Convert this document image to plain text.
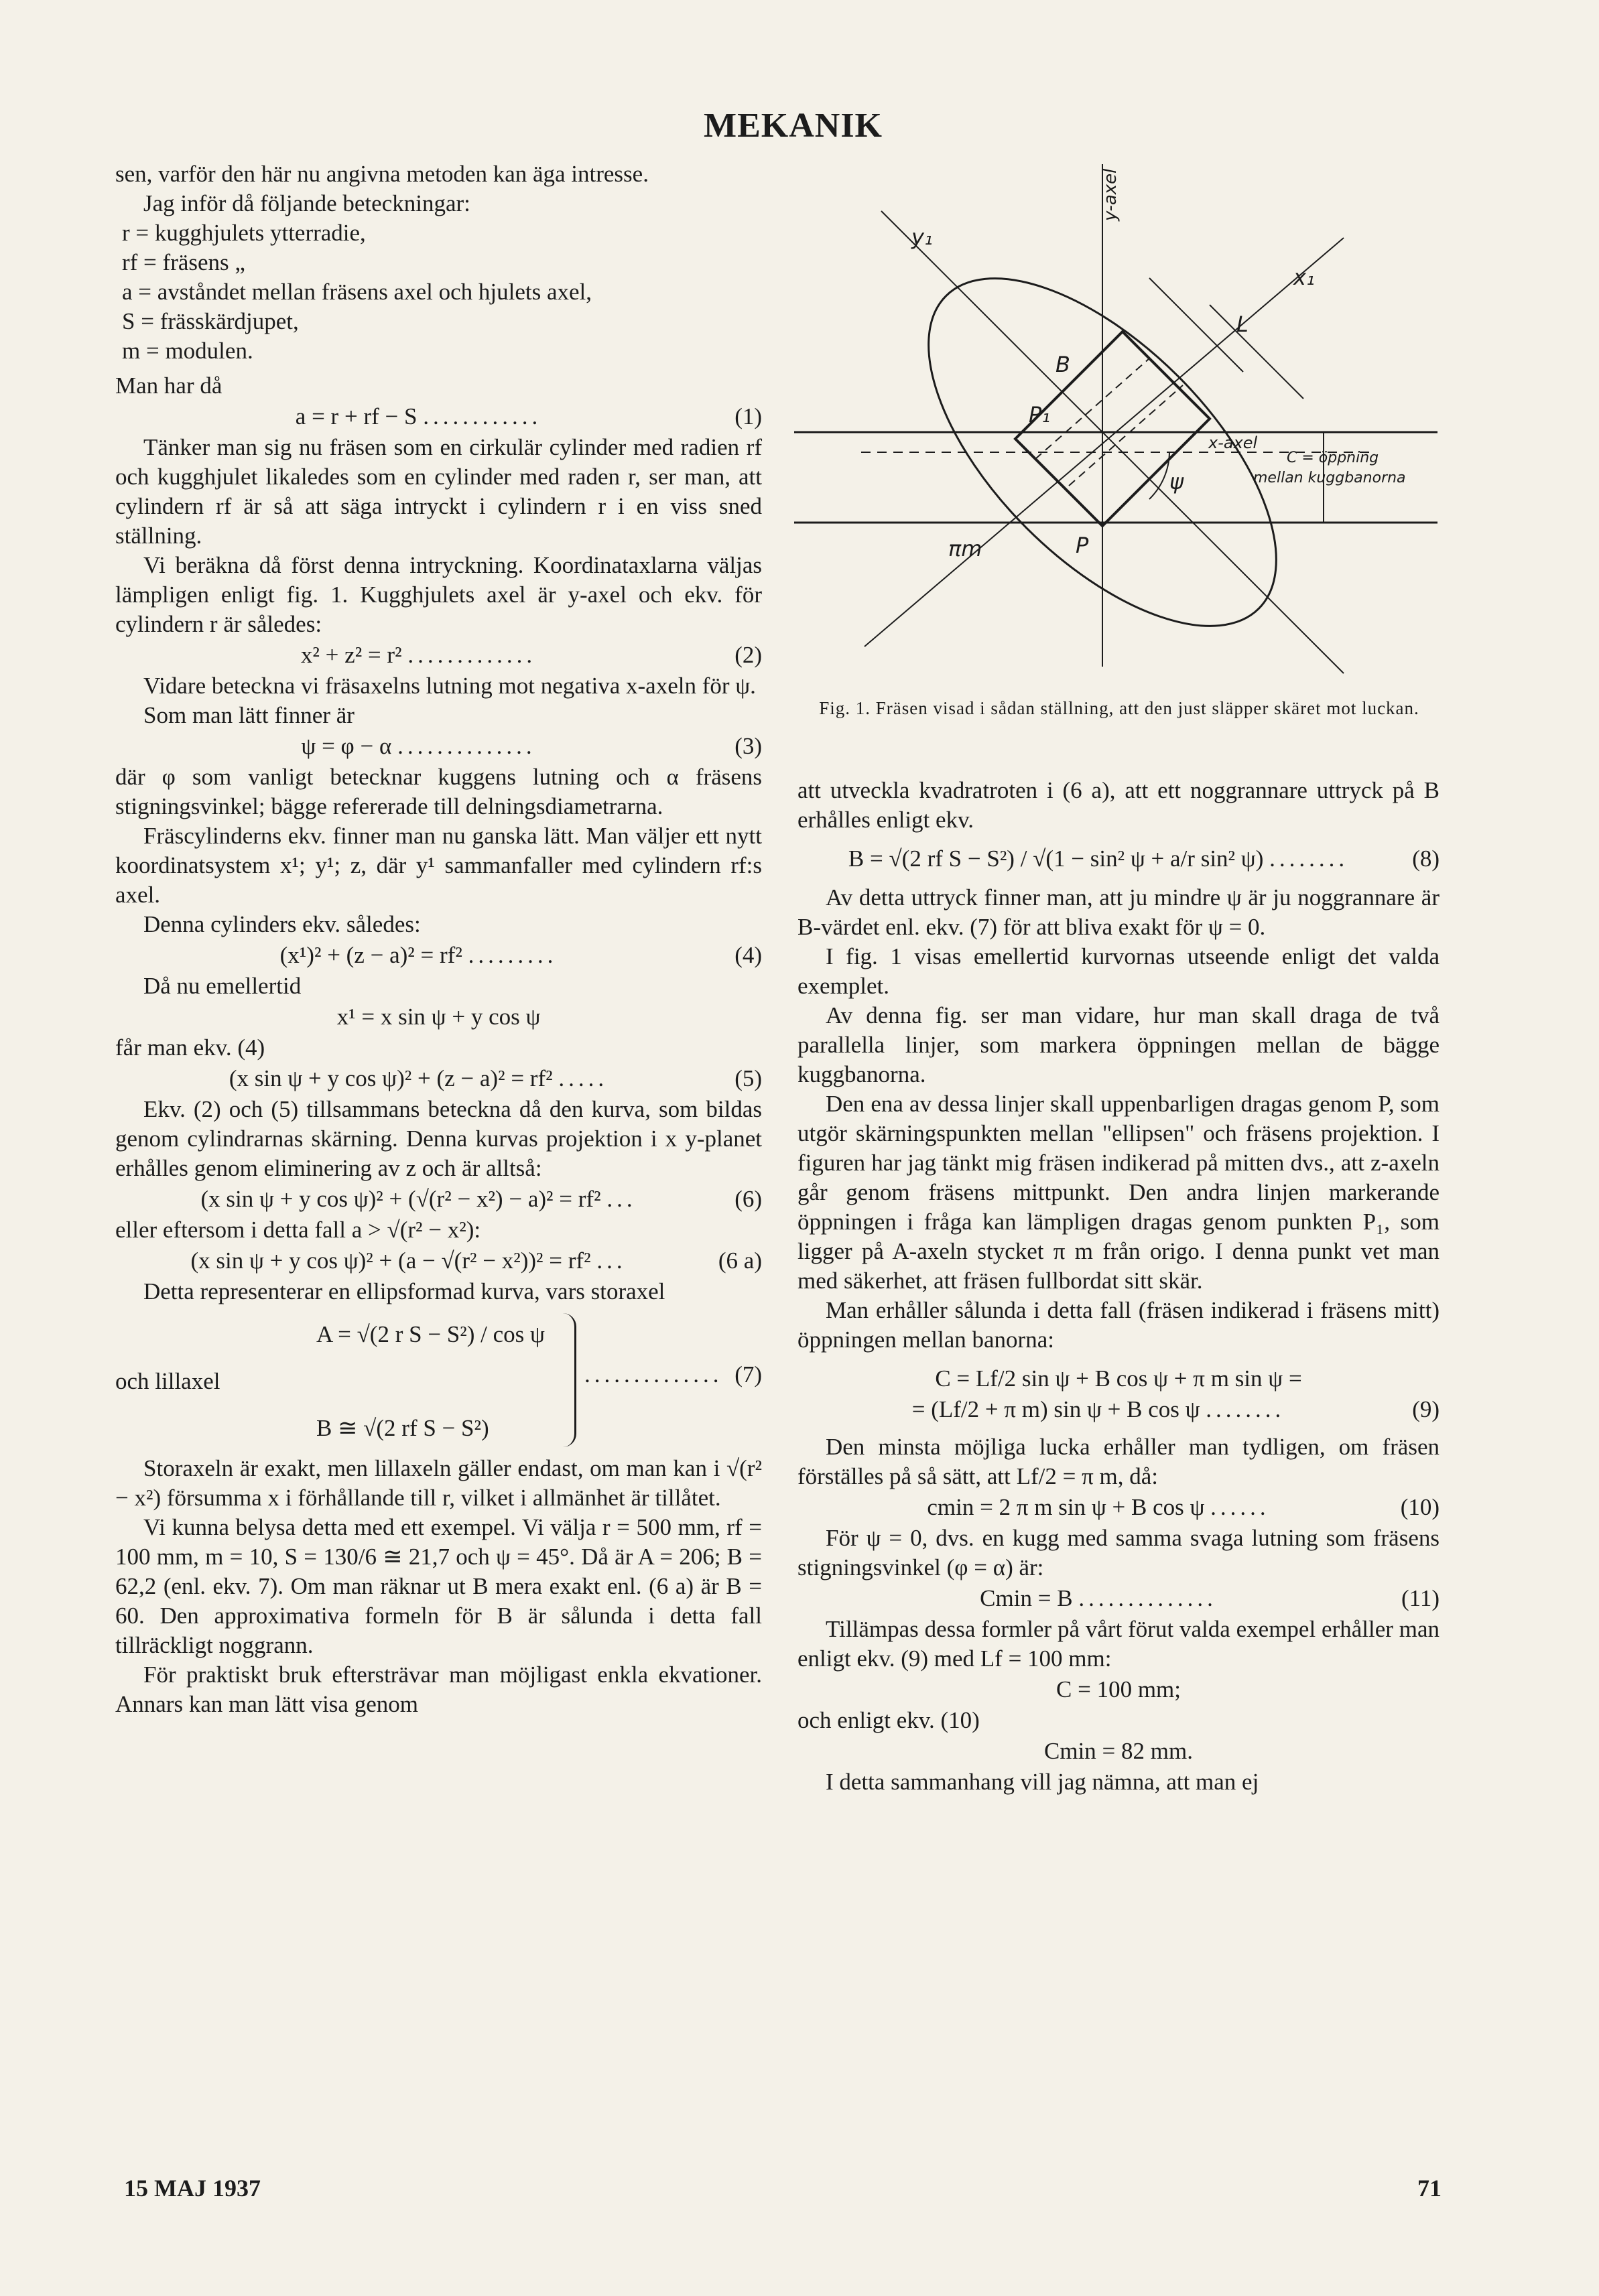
MEKANIK

sen, varför den här nu angivna metoden kan äga intresse.

Jag inför då följande beteckningar:

r = kugghjulets ytterradie,

rf = fräsens „

a = avståndet mellan fräsens axel och hjulets axel,

S = frässkärdjupet,

m = modulen.

Man har då

a = r + rf − S ............	(1)

Tänker man sig nu fräsen som en cirkulär cylinder med radien rf och kugghjulet likaledes som en cylinder med raden r, ser man, att cylindern rf är så att säga intryckt i cylindern r i en viss sned ställning.

Vi beräkna då först denna intryckning. Koordinataxlarna väljas lämpligen enligt fig. 1. Kugghjulets axel är y-axel och ekv. för cylindern r är således:

x² + z² = r² .............	(2)

Vidare beteckna vi fräsaxelns lutning mot negativa x-axeln för ψ.

Som man lätt finner är

ψ = φ − α ..............	(3)

där φ som vanligt betecknar kuggens lutning och α fräsens stigningsvinkel; bägge refererade till delningsdiametrarna.

Fräscylinderns ekv. finner man nu ganska lätt. Man väljer ett nytt koordinatsystem x¹; y¹; z, där y¹ sammanfaller med cylindern rf:s axel.

Denna cylinders ekv. således:

(x¹)² + (z − a)² = rf² .........	(4)

Då nu emellertid

x¹ = x sin ψ + y cos ψ

får man ekv. (4)

(x sin ψ + y cos ψ)² + (z − a)² = rf² .....	(5)

Ekv. (2) och (5) tillsammans beteckna då den kurva, som bildas genom cylindrarnas skärning. Denna kurvas projektion i x y-planet erhålles genom eliminering av z och är alltså:

(x sin ψ + y cos ψ)² + (√(r² − x²) − a)² = rf² ...	(6)

eller eftersom i detta fall a > √(r² − x²):

(x sin ψ + y cos ψ)² + (a − √(r² − x²))² = rf² ...	(6 a)

Detta representerar en ellipsformad kurva, vars storaxel

A = √(2 r S − S²) / cos ψ
och lillaxel
B ≅ √(2 rf S − S²)
.............. (7)

Storaxeln är exakt, men lillaxeln gäller endast, om man kan i √(r² − x²) försumma x i förhållande till r, vilket i allmänhet är tillåtet.

Vi kunna belysa detta med ett exempel. Vi välja r = 500 mm, rf = 100 mm, m = 10, S = 130/6 ≅ 21,7 och ψ = 45°. Då är A = 206; B = 62,2 (enl. ekv. 7). Om man räknar ut B mera exakt enl. (6 a) är B = 60. Den approximativa formeln för B är sålunda i detta fall tillräckligt noggrann.

För praktiskt bruk eftersträvar man möjligast enkla ekvationer. Annars kan man lätt visa genom

y₁
y-axel
x₁
L
B
P₁
x-axel
C = öppning
mellan kuggbanorna
ψ
πm	P
Fig. 1. Fräsen visad i sådan ställning, att den just släpper skäret mot luckan.

att utveckla kvadratroten i (6 a), att ett noggrannare uttryck på B erhålles enligt ekv.

B = √(2 rf S − S²) / √(1 − sin² ψ + a/r sin² ψ) ........	(8)

Av detta uttryck finner man, att ju mindre ψ är ju noggrannare är B-värdet enl. ekv. (7) för att bliva exakt för ψ = 0.

I fig. 1 visas emellertid kurvornas utseende enligt det valda exemplet.

Av denna fig. ser man vidare, hur man skall draga de två parallella linjer, som markera öppningen mellan de bägge kuggbanorna.

Den ena av dessa linjer skall uppenbarligen dragas genom P, som utgör skärningspunkten mellan "ellipsen" och fräsens projektion. I figuren har jag tänkt mig fräsen indikerad på mitten dvs., att z-axeln går genom fräsens mittpunkt. Den andra linjen markerande öppningen i fråga kan lämpligen dragas genom punkten P₁, som ligger på A-axeln stycket π m från origo. I denna punkt vet man med säkerhet, att fräsen fullbordat sitt skär.

Man erhåller sålunda i detta fall (fräsen indikerad i fräsens mitt) öppningen mellan banorna:

C = Lf/2 sin ψ + B cos ψ + π m sin ψ =
= (Lf/2 + π m) sin ψ + B cos ψ ........	(9)

Den minsta möjliga lucka erhåller man tydligen, om fräsen förställes på så sätt, att Lf/2 = π m, då:

cmin = 2 π m sin ψ + B cos ψ ......	(10)

För ψ = 0, dvs. en kugg med samma svaga lutning som fräsens stigningsvinkel (φ = α) är:

Cmin = B ..............	(11)

Tillämpas dessa formler på vårt förut valda exempel erhåller man enligt ekv. (9) med Lf = 100 mm:

C = 100 mm;

och enligt ekv. (10)

Cmin = 82 mm.

I detta sammanhang vill jag nämna, att man ej

15 MAJ 1937	71
